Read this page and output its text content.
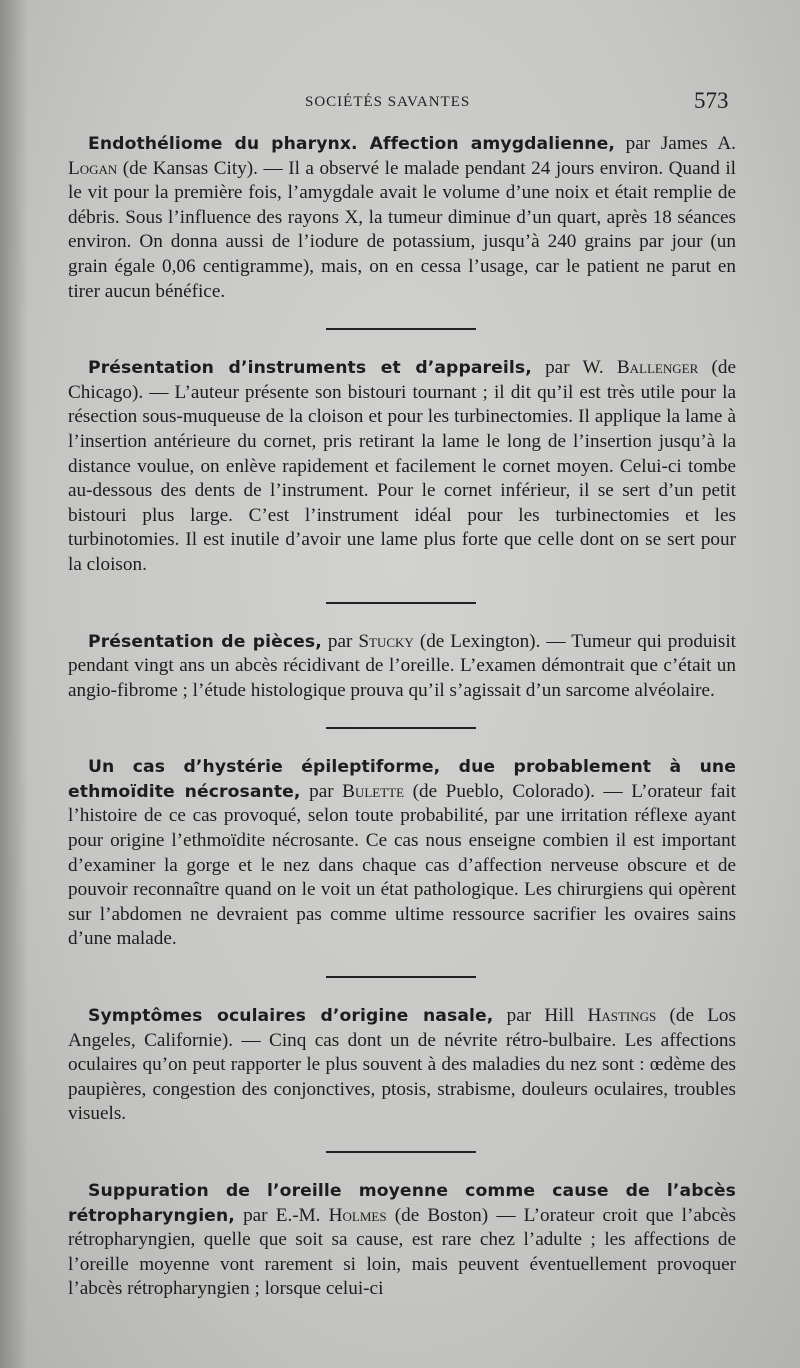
SOCIÉTÉS SAVANTES	573

Endothéliome du pharynx. Affection amygdalienne, par James A. Logan (de Kansas City). — Il a observé le malade pendant 24 jours environ. Quand il le vit pour la première fois, l’amygdale avait le volume d’une noix et était remplie de débris. Sous l’influence des rayons X, la tumeur diminue d’un quart, après 18 séances environ. On donna aussi de l’iodure de potassium, jusqu’à 240 grains par jour (un grain égale 0,06 centigramme), mais, on en cessa l’usage, car le patient ne parut en tirer aucun bénéfice.

Présentation d’instruments et d’appareils, par W. Ballenger (de Chicago). — L’auteur présente son bistouri tournant ; il dit qu’il est très utile pour la résection sous-muqueuse de la cloison et pour les turbinectomies. Il applique la lame à l’insertion antérieure du cornet, pris retirant la lame le long de l’insertion jusqu’à la distance voulue, on enlève rapidement et facilement le cornet moyen. Celui-ci tombe au-dessous des dents de l’instrument. Pour le cornet inférieur, il se sert d’un petit bistouri plus large. C’est l’instrument idéal pour les turbinectomies et les turbinotomies. Il est inutile d’avoir une lame plus forte que celle dont on se sert pour la cloison.

Présentation de pièces, par Stucky (de Lexington). — Tumeur qui produisit pendant vingt ans un abcès récidivant de l’oreille. L’examen démontrait que c’était un angio-fibrome ; l’étude histologique prouva qu’il s’agissait d’un sarcome alvéolaire.

Un cas d’hystérie épileptiforme, due probablement à une ethmoïdite nécrosante, par Bulette (de Pueblo, Colorado). — L’orateur fait l’histoire de ce cas provoqué, selon toute probabilité, par une irritation réflexe ayant pour origine l’ethmoïdite nécrosante. Ce cas nous enseigne combien il est important d’examiner la gorge et le nez dans chaque cas d’affection nerveuse obscure et de pouvoir reconnaître quand on le voit un état pathologique. Les chirurgiens qui opèrent sur l’abdomen ne devraient pas comme ultime ressource sacrifier les ovaires sains d’une malade.

Symptômes oculaires d’origine nasale, par Hill Hastings (de Los Angeles, Californie). — Cinq cas dont un de névrite rétro-bulbaire. Les affections oculaires qu’on peut rapporter le plus souvent à des maladies du nez sont : œdème des paupières, congestion des conjonctives, ptosis, strabisme, douleurs oculaires, troubles visuels.

Suppuration de l’oreille moyenne comme cause de l’abcès rétropharyngien, par E.-M. Holmes (de Boston) — L’orateur croit que l’abcès rétropharyngien, quelle que soit sa cause, est rare chez l’adulte ; les affections de l’oreille moyenne vont rarement si loin, mais peuvent éventuellement provoquer l’abcès rétropharyngien ; lorsque celui-ci
